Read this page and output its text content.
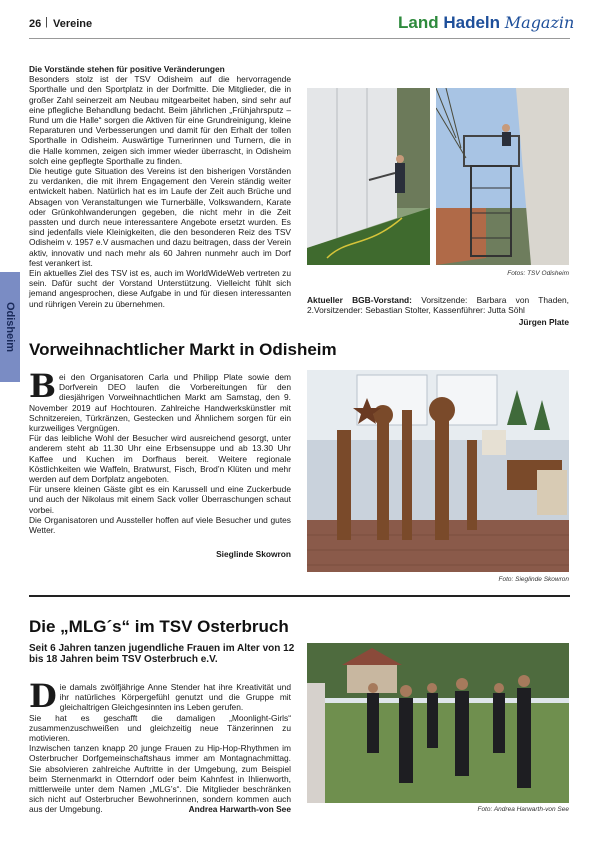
26 | Vereine	Land Hadeln Magazin
Odisheim

Die Vorstände stehen für positive Veränderungen

Besonders stolz ist der TSV Odisheim auf die hervorragende Sporthalle und den Sportplatz in der Dorfmitte. Die Mitglieder, die in großer Zahl seinerzeit am Neubau mitgearbeitet haben, sind sehr auf eine pflegliche Behandlung bedacht. Beim jährlichen „Frühjahrsputz – Rund um die Halle“ sorgen die Aktiven für eine Grundreinigung, kleine Reparaturen und Verbesserungen und damit für den Erhalt der tollen Sporthalle in Odisheim. Auswärtige Turnerinnen und Turnern, die in die Halle kommen, zeigen sich immer wieder überrascht, in Odisheim solch eine gepflegte Sporthalle zu finden.

Die heutige gute Situation des Vereins ist den bisherigen Vorständen zu verdanken, die mit ihrem Engagement den Verein ständig weiter entwickelt haben. Natürlich hat es im Laufe der Zeit auch Brüche und Absagen von Veranstaltungen wie Turnerbälle, Volkswandern, Karate oder Grünkohlwanderungen gegeben, die nicht mehr in die Zeit passten und durch neue interessantere Angebote ersetzt wurden. Es sind jedenfalls viele Kleinigkeiten, die den besonderen Reiz des TSV Odisheim v. 1957 e.V ausmachen und dazu beitragen, dass der Verein aktiv, innovativ und nach mehr als 60 Jahren nunmehr auch im Dorf fest verankert ist.

Ein aktuelles Ziel des TSV ist es, auch im WorldWideWeb vertreten zu sein. Dafür sucht der Vorstand Unterstützung. Vielleicht fühlt sich jemand angesprochen, diese Aufgabe in und für diesen interessanten und rührigen Verein zu übernehmen.

Fotos: TSV Odisheim
Aktueller BGB-Vorstand: Vorsitzende: Barbara von Thaden, 2.Vorsitzender: Sebastian Stolter, Kassenführer: Jutta Söhl
Jürgen Plate
Vorweihnachtlicher Markt in Odisheim
B ei den Organisatoren Carla und Philipp Plate sowie dem Dorfverein DEO laufen die Vorbereitungen für den diesjährigen Vorweihnachtlichen Markt am Samstag, den 9. November 2019 auf Hochtouren. Zahlreiche Handwerkskünstler mit Schnitzereien, Türkränzen, Gestecken und Ähnlichem sorgen für ein kurzweiliges Vergnügen.

Für das leibliche Wohl der Besucher wird ausreichend gesorgt, unter anderem steht ab 11.30 Uhr eine Erbsensuppe und ab 13.30 Uhr Kaffee und Kuchen im Dorfhaus bereit. Weitere regionale Köstlichkeiten wie Waffeln, Bratwurst, Fisch, Brod’n Klüten und mehr werden auf dem Dorfplatz angeboten.

Für unsere kleinen Gäste gibt es ein Karussell und eine Zuckerbude und auch der Nikolaus mit einem Sack voller Überraschungen schaut vorbei.

Die Organisatoren und Aussteller hoffen auf viele Besucher und gutes Wetter.

Sieglinde Skowron
Foto: Sieglinde Skowron
Die „MLG´s“ im TSV Osterbruch
Seit 6 Jahren tanzen jugendliche Frauen im Alter von 12 bis 18 Jahren beim TSV Osterbruch e.V.
D ie damals zwölfjährige Anne Stender hat ihre Kreativität und ihr natürliches Körpergefühl genutzt und die Gruppe mit gleichaltrigen Gleichgesinnten ins Leben gerufen.

Sie hat es geschafft die damaligen „Moonlight-Girls“ zusammenzuschweißen und gleichzeitig neue Tänzerinnen zu motivieren.

Inzwischen tanzen knapp 20 junge Frauen zu Hip-Hop-Rhythmen im Osterbrucher Dorfgemeinschaftshaus immer am Montagnachmittag. Sie absolvieren zahlreiche Auftritte in der Umgebung, zum Beispiel beim Sternenmarkt in Otterndorf oder beim Kahnfest in Ihlienworth, mittlerweile unter dem Namen „MLG’s“. Die Mitglieder beschränken sich nicht auf Osterbrucher Bewohnerinnen, sondern kommen auch aus der Umgebung.	Andrea Harwarth-von See	Foto: Andrea Harwarth-von See
